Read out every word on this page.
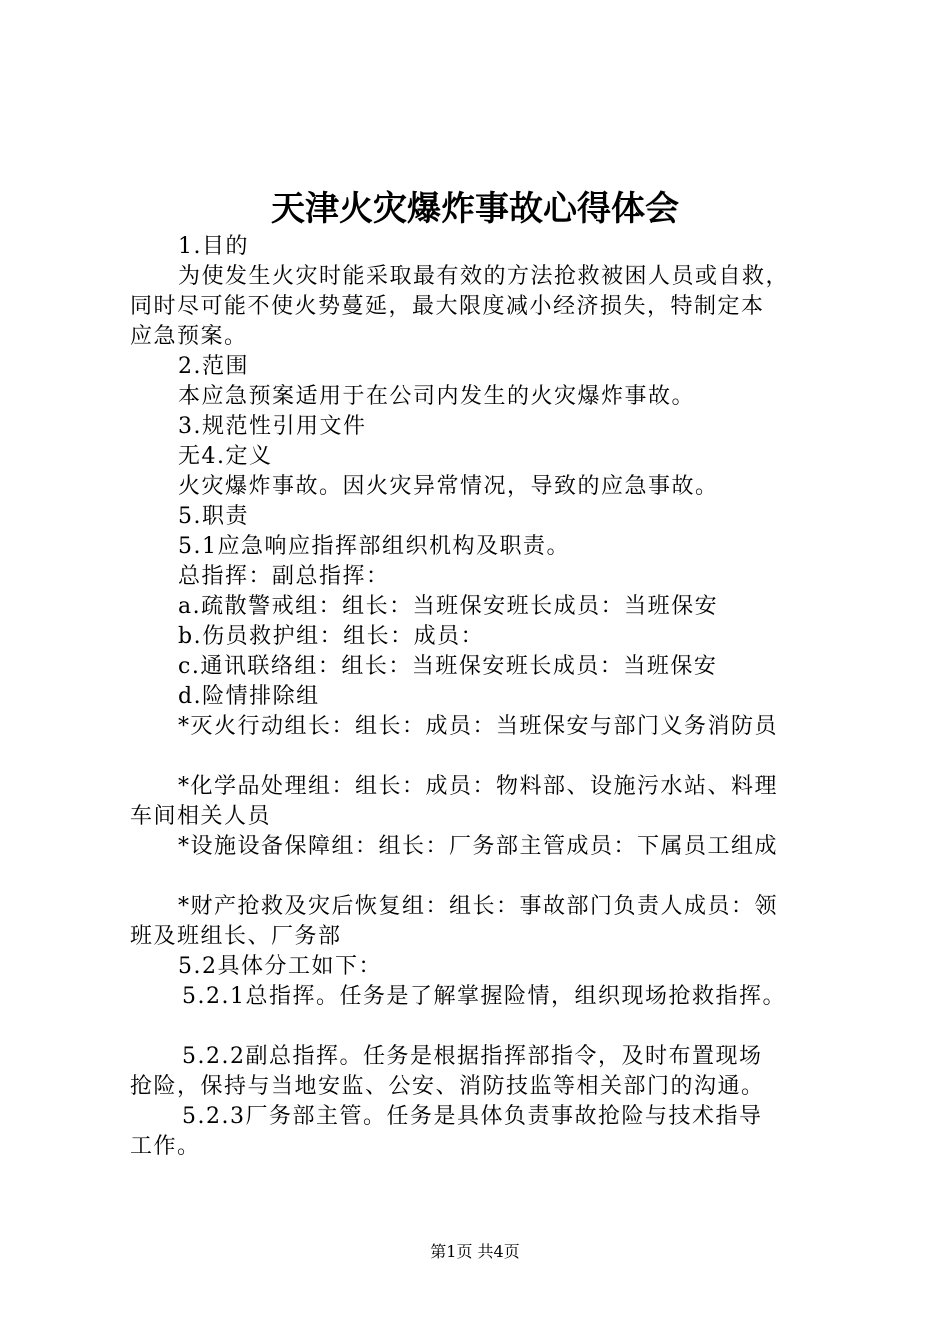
天津火灾爆炸事故心得体会
1.目的
为使发生火灾时能采取最有效的方法抢救被困人员或自救，
同时尽可能不使火势蔓延，最大限度减小经济损失，特制定本
应急预案。
2.范围
本应急预案适用于在公司内发生的火灾爆炸事故。
3.规范性引用文件
无4.定义
火灾爆炸事故。因火灾异常情况，导致的应急事故。
5.职责
5.1应急响应指挥部组织机构及职责。
总指挥：副总指挥：
a.疏散警戒组：组长：当班保安班长成员：当班保安
b.伤员救护组：组长：成员：
c.通讯联络组：组长：当班保安班长成员：当班保安
d.险情排除组
*灭火行动组长：组长：成员：当班保安与部门义务消防员
*化学品处理组：组长：成员：物料部、设施污水站、料理
车间相关人员
*设施设备保障组：组长：厂务部主管成员：下属员工组成
*财产抢救及灾后恢复组：组长：事故部门负责人成员：领
班及班组长、厂务部
5.2具体分工如下：
5.2.1总指挥。任务是了解掌握险情，组织现场抢救指挥。
5.2.2副总指挥。任务是根据指挥部指令，及时布置现场
抢险，保持与当地安监、公安、消防技监等相关部门的沟通。
5.2.3厂务部主管。任务是具体负责事故抢险与技术指导
工作。
第1页 共4页
